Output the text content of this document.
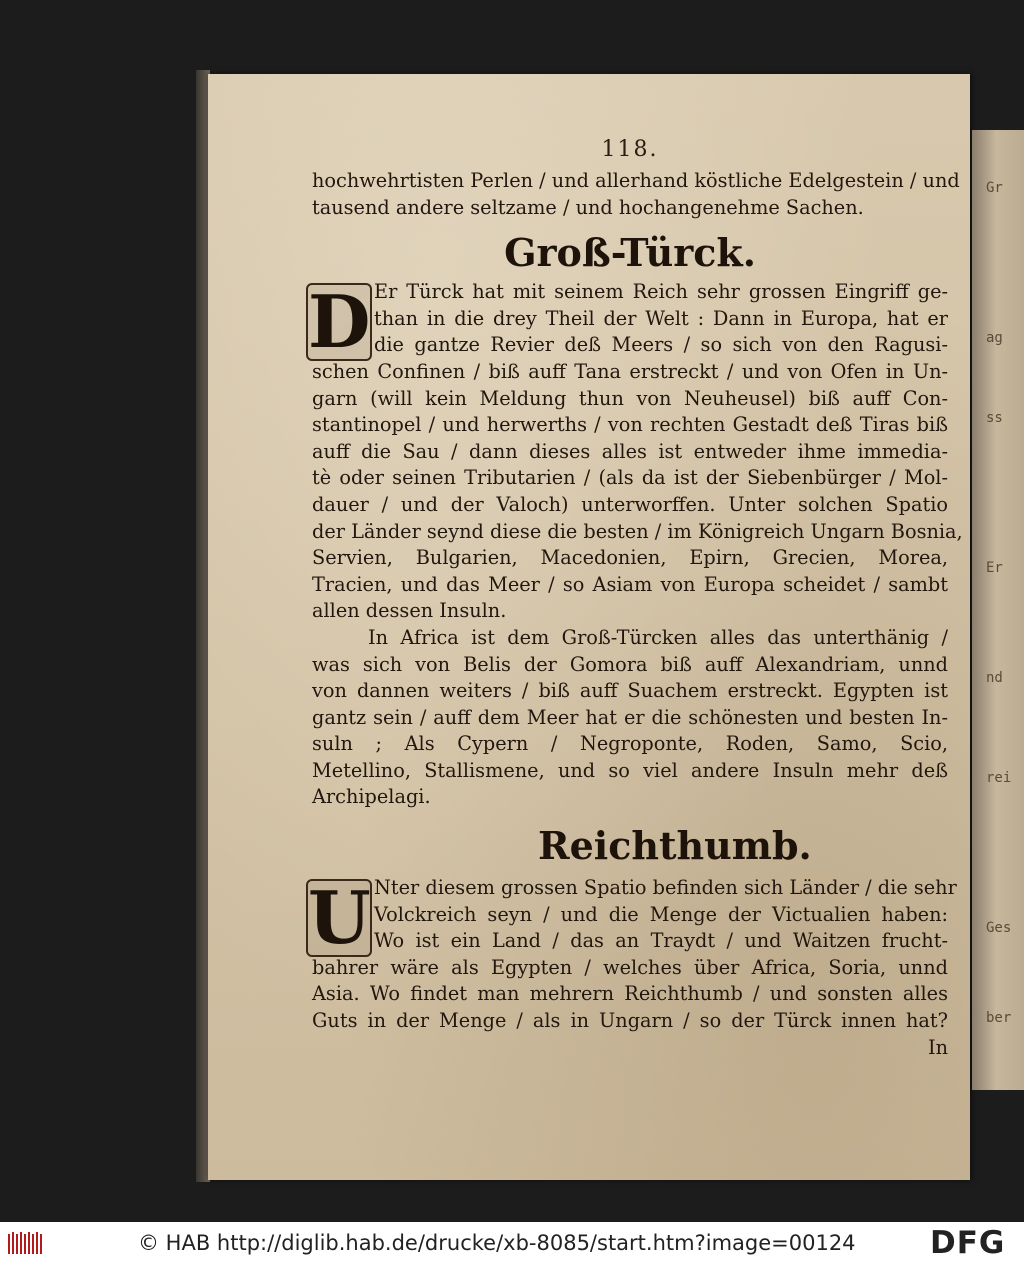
Gr
ag
ss
Er
nd
rei
Ges
ber
118.
hochwehrtisten Perlen / und allerhand köstliche Edelgestein / und
tausend andere seltzame / und hochangenehme Sachen.
Groß-Türck.
D Er Türck hat mit seinem Reich sehr grossen Eingriff ge-
than in die drey Theil der Welt : Dann in Europa, hat er
die gantze Revier deß Meers / so sich von den Ragusi-
schen Confinen / biß auff Tana erstreckt / und von Ofen in Un-
garn (will kein Meldung thun von Neuheusel) biß auff Con-
stantinopel / und herwerths / von rechten Gestadt deß Tiras biß
auff die Sau / dann dieses alles ist entweder ihme immedia-
tè oder seinen Tributarien / (als da ist der Siebenbürger / Mol-
dauer / und der Valoch) unterworffen. Unter solchen Spatio
der Länder seynd diese die besten / im Königreich Ungarn Bosnia,
Servien, Bulgarien, Macedonien, Epirn, Grecien, Morea,
Tracien, und das Meer / so Asiam von Europa scheidet / sambt
allen dessen Insuln.
In Africa ist dem Groß-Türcken alles das unterthänig /
was sich von Belis der Gomora biß auff Alexandriam, unnd
von dannen weiters / biß auff Suachem erstreckt. Egypten ist
gantz sein / auff dem Meer hat er die schönesten und besten In-
suln ; Als Cypern / Negroponte, Roden, Samo, Scio,
Metellino, Stallismene, und so viel andere Insuln mehr deß
Archipelagi.
Reichthumb.
U Nter diesem grossen Spatio befinden sich Länder / die sehr
Volckreich seyn / und die Menge der Victualien haben:
Wo ist ein Land / das an Traydt / und Waitzen frucht-
bahrer wäre als Egypten / welches über Africa, Soria, unnd
Asia. Wo findet man mehrern Reichthumb / und sonsten alles
Guts in der Menge / als in Ungarn / so der Türck innen hat?
In
© HAB http://diglib.hab.de/drucke/xb-8085/start.htm?image=00124 DFG
